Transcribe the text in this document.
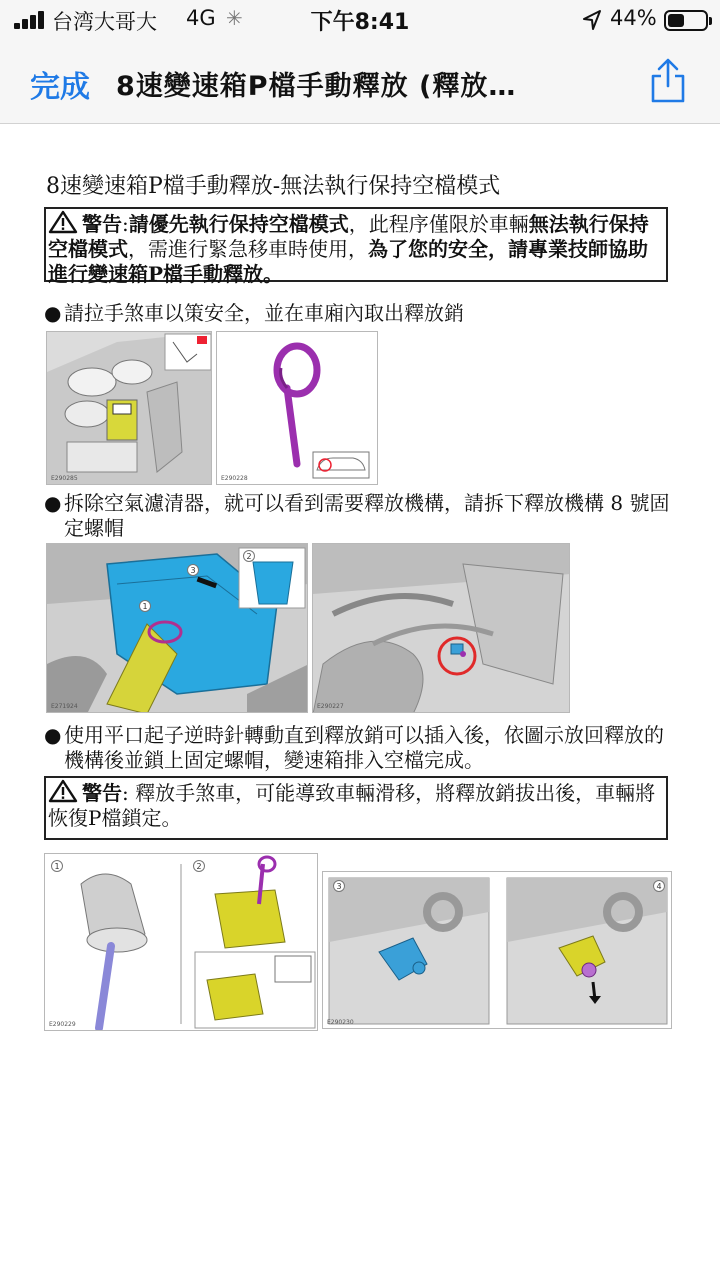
台湾大哥大 4G ✳	下午8:41	44%
完成 8速變速箱P檔手動釋放 (釋放…
8速變速箱P檔手動釋放-無法執行保持空檔模式
警告:請優先執行保持空檔模式，此程序僅限於車輛無法執行保持空檔模式，需進行緊急移車時使用，為了您的安全，請專業技師協助進行變速箱P檔手動釋放。
● 請拉手煞車以策安全，並在車廂內取出釋放銷
E290285	E290228
● 拆除空氣濾清器，就可以看到需要釋放機構，請拆下釋放機構 8 號固定螺帽
1
2
3
E271924	E290227
● 使用平口起子逆時針轉動直到釋放銷可以插入後，依圖示放回釋放的機構後並鎖上固定螺帽，變速箱排入空檔完成。
警告: 釋放手煞車，可能導致車輛滑移，將釋放銷拔出後，車輛將恢復P檔鎖定。
1	2
E290229
3	4
E290230
